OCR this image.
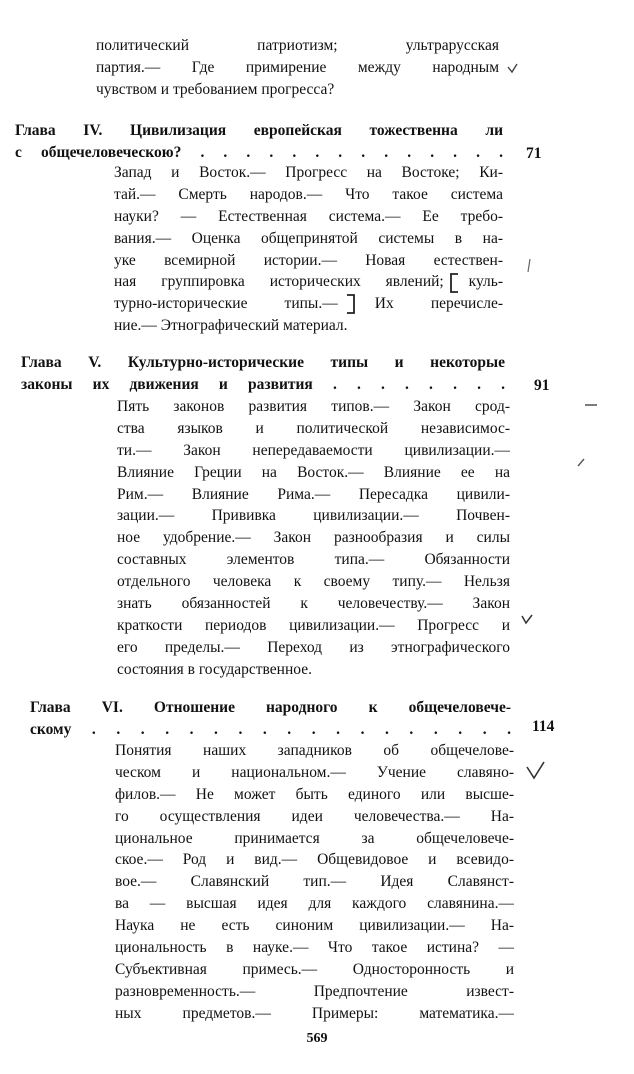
политический патриотизм; ультрарусская
партия.— Где примирение между народным
чувством и требованием прогресса?
Глава IV. Цивилизация европейская тожественна ли
с общечеловеческою? . . . . . . . . . . . . . . 71
Запад и Восток.— Прогресс на Востоке; Ки-
тай.— Смерть народов.— Что такое система
науки? — Естественная система.— Ее требо-
вания.— Оценка общепринятой системы в на-
уке всемирной истории.— Новая естествен-
ная группировка исторических явлений; куль-
турно-исторические типы.— Их перечисле-
ние.— Этнографический материал.
Глава V. Культурно-исторические типы и некоторые
законы их движения и развития . . . . . . . . 91
Пять законов развития типов.— Закон срод-
ства языков и политической независимос-
ти.— Закон непередаваемости цивилизации.—
Влияние Греции на Восток.— Влияние ее на
Рим.— Влияние Рима.— Пересадка цивили-
зации.— Прививка цивилизации.— Почвен-
ное удобрение.— Закон разнообразия и силы
составных элементов типа.— Обязанности
отдельного человека к своему типу.— Нельзя
знать обязанностей к человечеству.— Закон
краткости периодов цивилизации.— Прогресс и
его пределы.— Переход из этнографического
состояния в государственное.
Глава VI. Отношение народного к общечеловече-
скому . . . . . . . . . . . . . . . . . . 114
Понятия наших западников об общечелове-
ческом и национальном.— Учение славяно-
филов.— Не может быть единого или высше-
го осуществления идеи человечества.— На-
циональное принимается за общечеловече-
ское.— Род и вид.— Общевидовое и всевидо-
вое.— Славянский тип.— Идея Славянст-
ва — высшая идея для каждого славянина.—
Наука не есть синоним цивилизации.— На-
циональность в науке.— Что такое истина? —
Субъективная примесь.— Односторонность и
разновременность.— Предпочтение извест-
ных предметов.— Примеры: математика.—
569
